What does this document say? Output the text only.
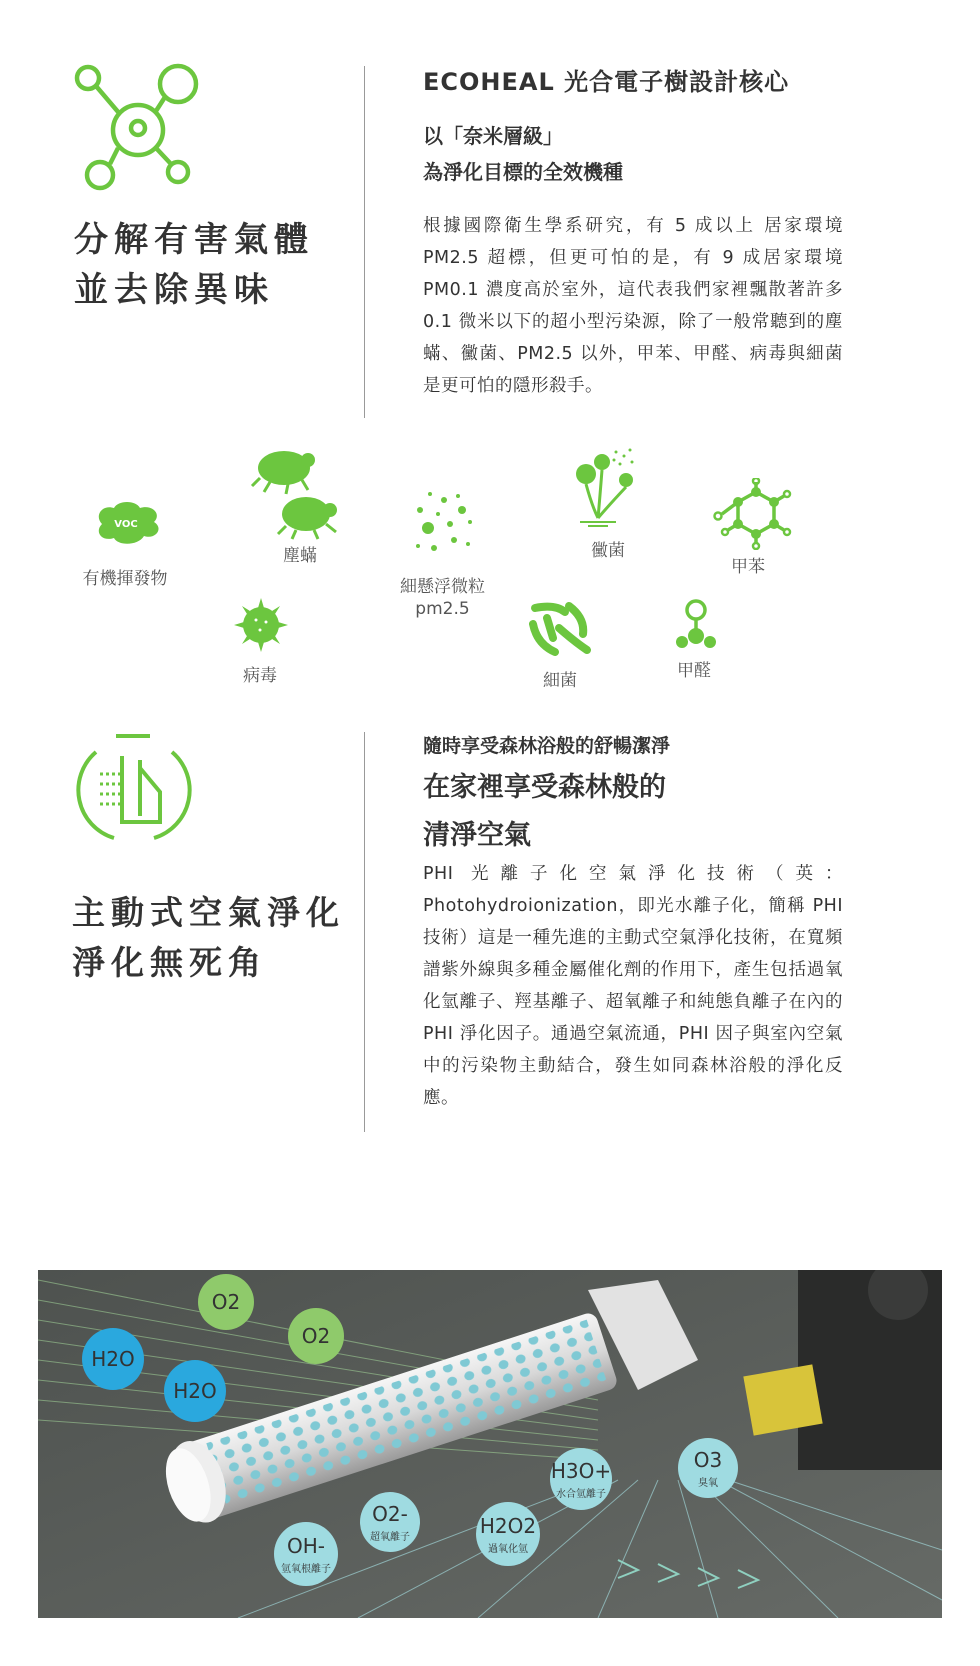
分解有害氣體
並去除異味
ECOHEAL 光合電子樹設計核心
以「奈米層級」
為淨化目標的全效機種
根據國際衛生學系研究，有 5 成以上 居家環境 PM2.5 超標，但更可怕的是，有 9 成居家環境 PM0.1 濃度高於室外，這代表我們家裡飄散著許多 0.1 微米以下的超小型污染源，除了一般常聽到的塵蟎、黴菌、PM2.5 以外，甲苯、甲醛、病毒與細菌是更可怕的隱形殺手。
VOC
有機揮發物
塵蟎
細懸浮微粒
pm2.5
黴菌
甲苯
病毒	細菌	甲醛
主動式空氣淨化
淨化無死角
隨時享受森林浴般的舒暢潔淨
在家裡享受森林般的
清淨空氣
PHI 光離子化空氣淨化技術（英：Photohydroionization，即光水離子化，簡稱 PHI 技術）這是一種先進的主動式空氣淨化技術，在寬頻譜紫外線與多種金屬催化劑的作用下，產生包括過氧化氫離子、羥基離子、超氧離子和純態負離子在內的 PHI 淨化因子。通過空氣流通，PHI 因子與室內空氣中的污染物主動結合，發生如同森林浴般的淨化反應。
O2
O2
H2O
H2O
H3O+
水合氫離子
O3
臭氧
O2-
超氧離子	H2O2
過氧化氫
OH-
氫氧根離子
